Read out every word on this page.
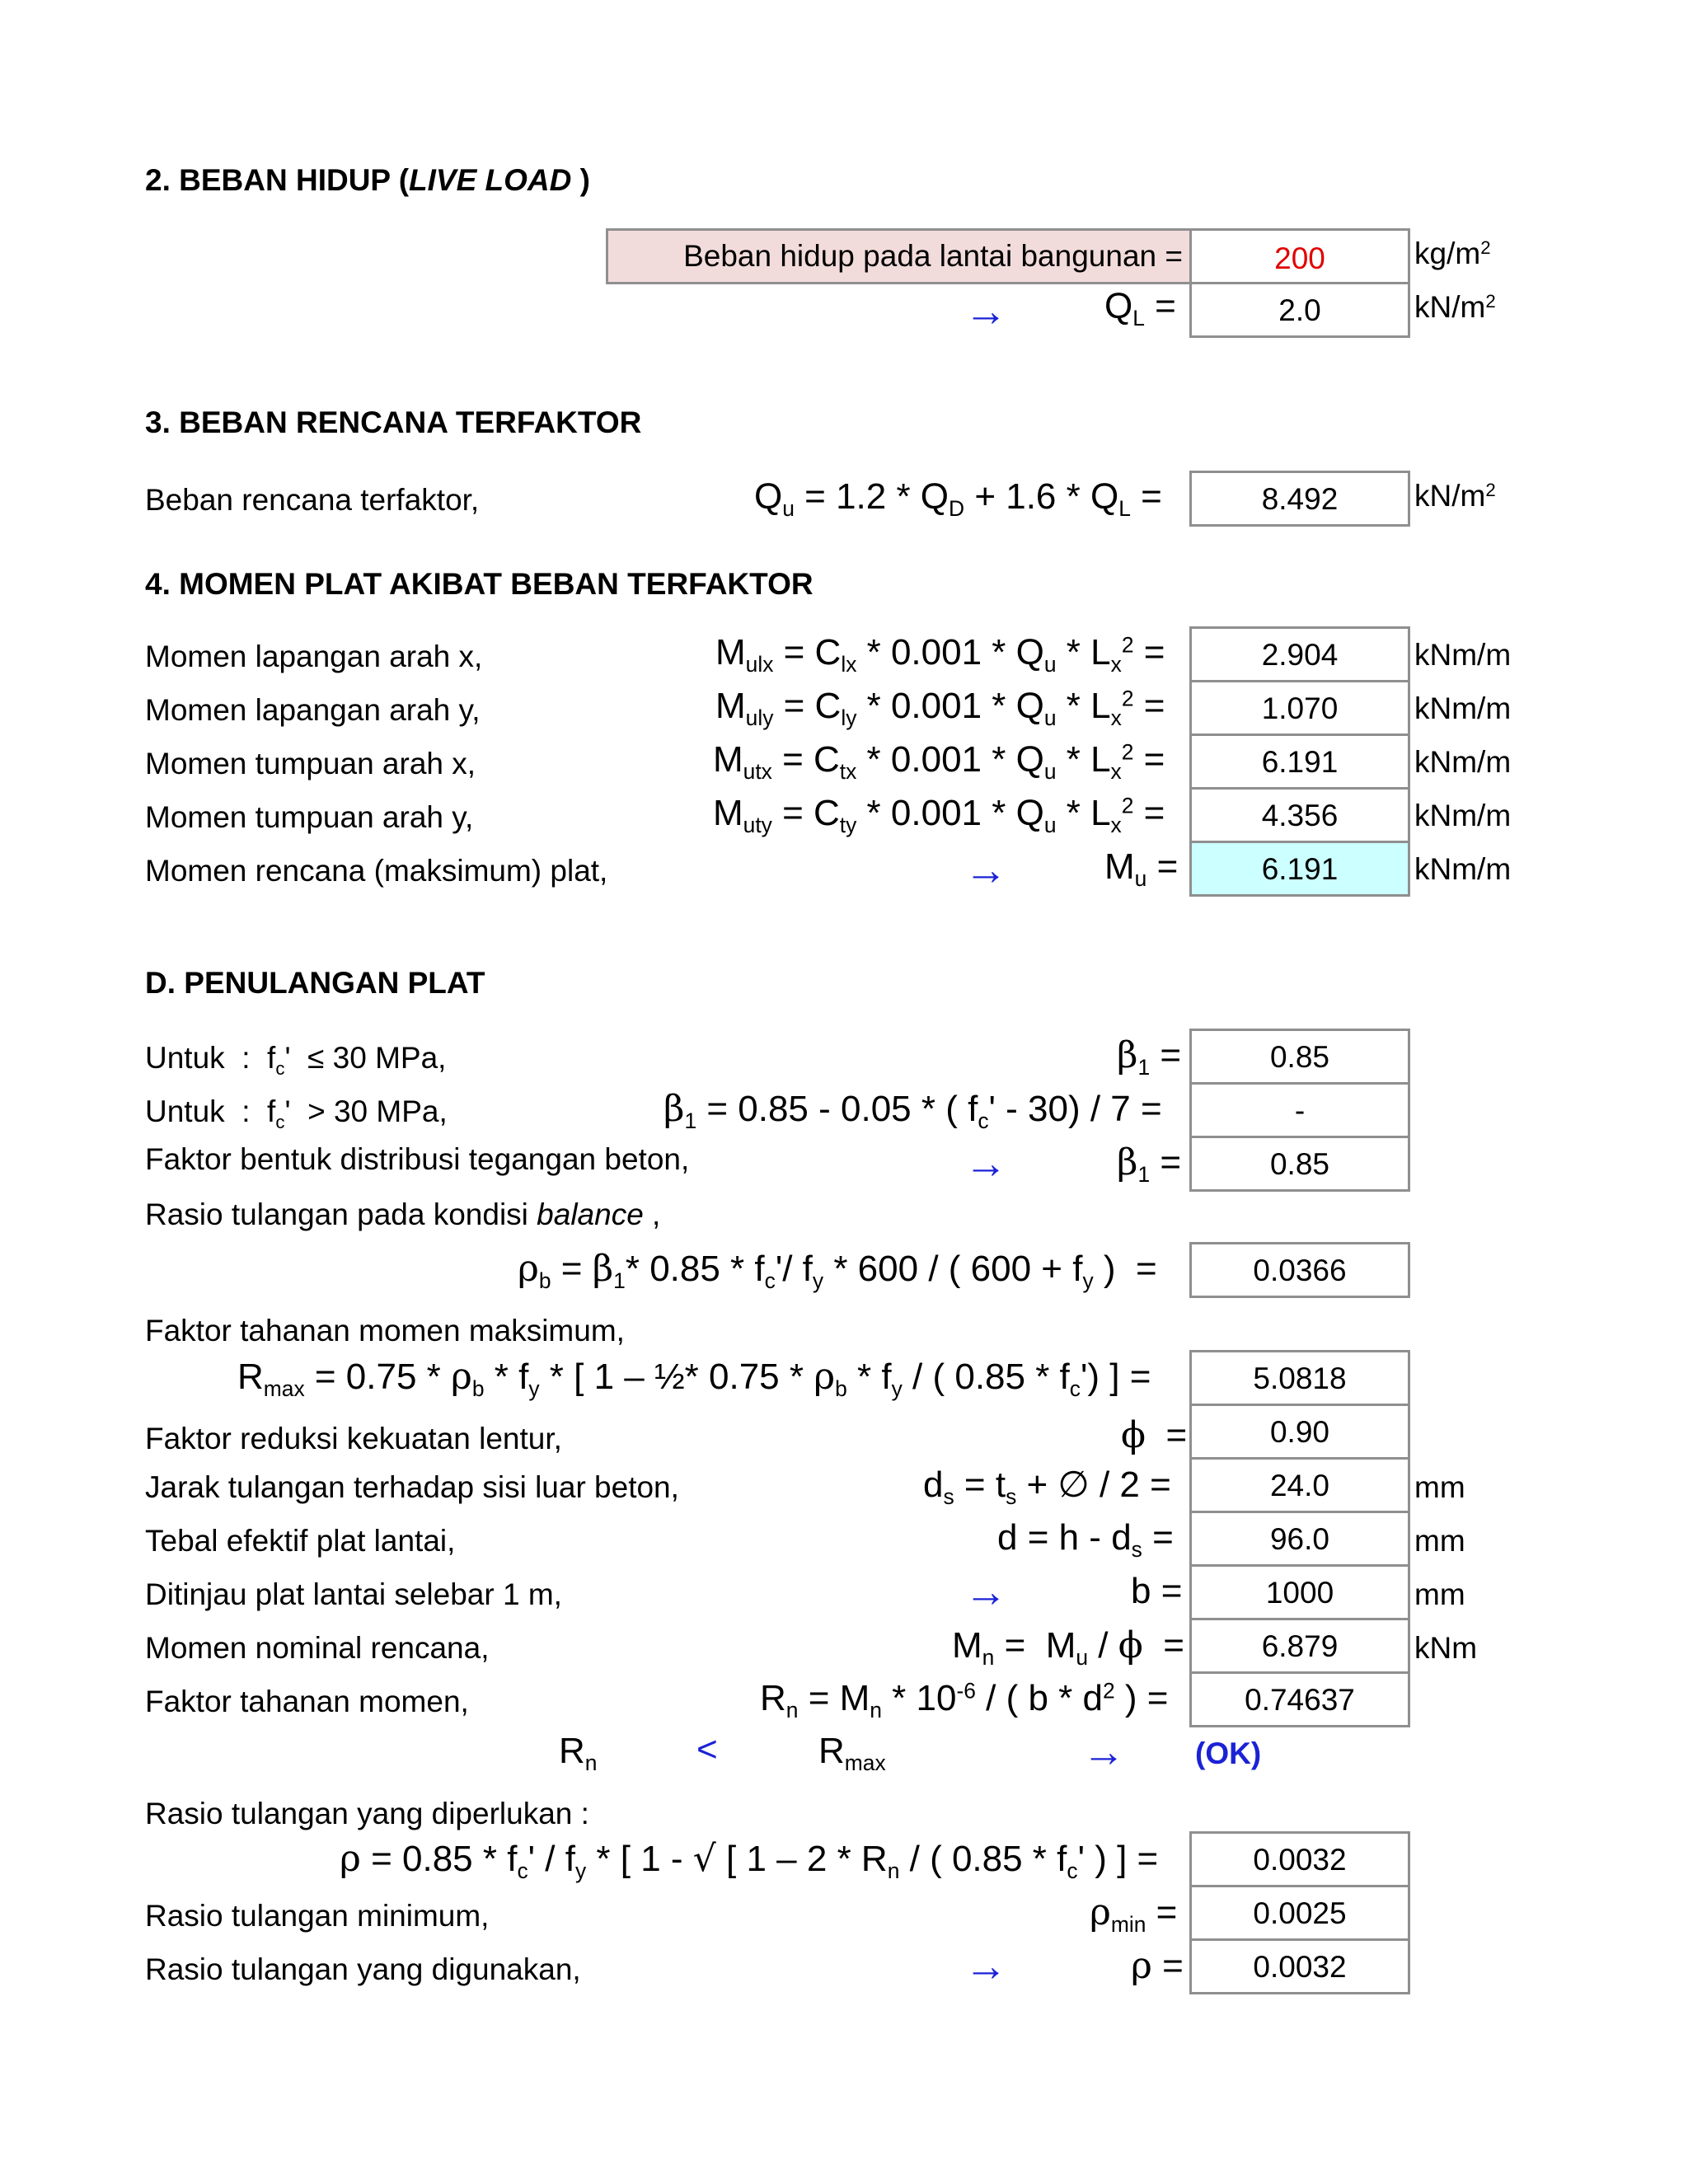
2. BEBAN HIDUP (LIVE LOAD )
Beban hidup pada lantai bangunan =	200	$kg/m^2$
→	$Q_L$ =	2.0	$kN/m^2$
3. BEBAN RENCANA TERFAKTOR
Beban rencana terfaktor,	$Q_u = 1.2 * Q_D + 1.6 * Q_L$ =	8.492	$kN/m^2$
4. MOMEN PLAT AKIBAT BEBAN TERFAKTOR
Momen lapangan arah x,	$M_{ulx} = C_{lx} * 0.001 * Q_u * L_x^2$ =	2.904	kNm/m
Momen lapangan arah y,	$M_{uly} = C_{ly} * 0.001 * Q_u * L_x^2$ =	1.070	kNm/m
Momen tumpuan arah x,	$M_{utx} = C_{tx} * 0.001 * Q_u * L_x^2$ =	6.191	kNm/m
Momen tumpuan arah y,	$M_{uty} = C_{ty} * 0.001 * Q_u * L_x^2$ =	4.356	kNm/m
Momen rencana (maksimum) plat,	→	$M_u$ =	6.191	kNm/m
D. PENULANGAN PLAT
Untuk  :  $f_c' \le 30$ MPa,	$\beta_1$ =	0.85
Untuk  :  $f_c' > 30$ MPa,	$\beta_1 = 0.85 - 0.05$ * ( $f_c' - 30) / 7$ =	-
Faktor bentuk distribusi tegangan beton,	→	$\beta_1$ =	0.85
Rasio tulangan pada kondisi balance ,
$\rho_b = \beta_1*$ $0.85 * f_c'/$ $f_y * 600$ / ( $600 + f_y$ )  =	0.0366
Faktor tahanan momen maksimum,
$R_{max} = 0.75 * \rho_b * f_y$ * [ 1 – ½* $0.75 * \rho_b * f_y$ / ( $0.85 * f_c'$) ] =	5.0818
Faktor reduksi kekuatan lentur,	ϕ  =	0.90
Jarak tulangan terhadap sisi luar beton,	$d_s = t_s$ + ∅ / 2 =	24.0	mm
Tebal efektif plat lantai,	$d = h - d_s$ =	96.0	mm
Ditinjau plat lantai selebar 1 m,	→	b =	1000	mm
Momen nominal rencana,	$M_n = M_u / \phi$  =	6.879	kNm
Faktor tahanan momen,	$R_n = M_n * 10^{-6}$ / ( b * $d^2$ ) =	0.74637
$R_n$	<	$R_{max}$	→ (OK)
Rasio tulangan yang diperlukan :
$\rho = 0.85 * f_c' / f_y$ * [ 1 - √ [ $1 - 2 * R_n$ / ( $0.85 * f_c'$ ) ] =	0.0032
Rasio tulangan minimum,	$\rho_{min}$ =	0.0025
Rasio tulangan yang digunakan,	→	ρ =	0.0032
